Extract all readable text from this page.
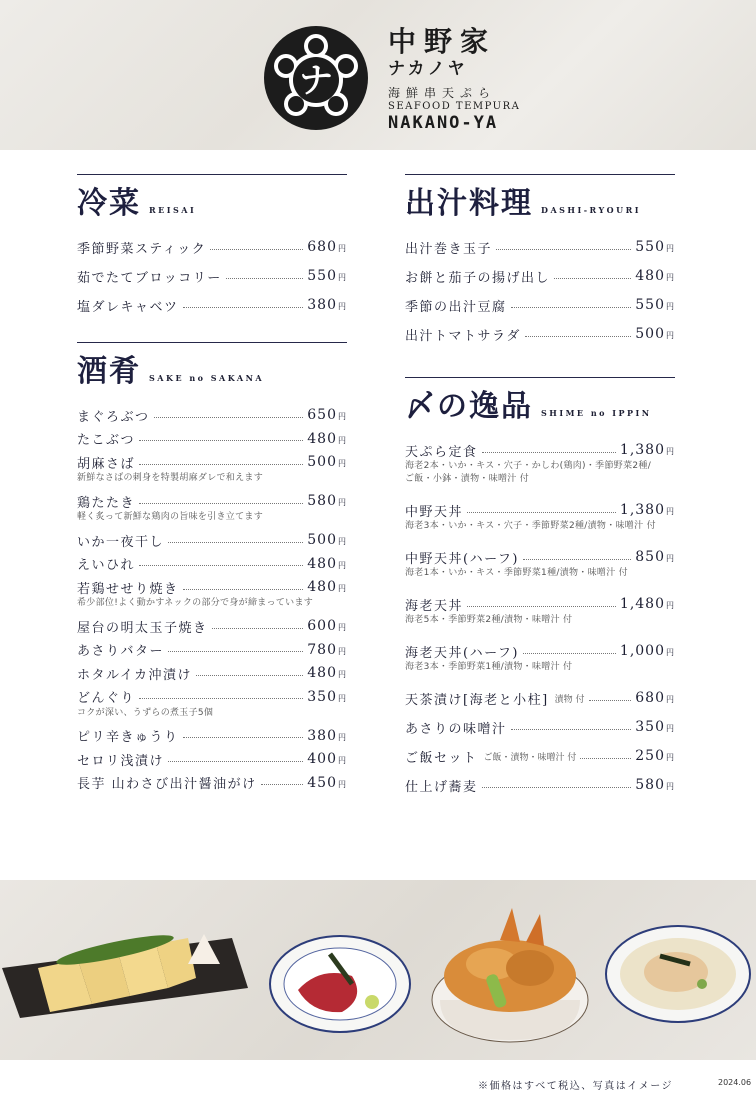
ナ
中野家
ナカノヤ
海鮮串天ぷら
SEAFOOD TEMPURA
NAKANO-YA
冷菜 REISAI
季節野菜スティック	680円
茹でたてブロッコリー	550円
塩ダレキャベツ	380円
酒肴 SAKE no SAKANA
まぐろぶつ	650円
たこぶつ	480円
胡麻さば	500円
新鮮なさばの刺身を特製胡麻ダレで和えます
鶏たたき	580円
軽く炙って新鮮な鶏肉の旨味を引き立てます
いか一夜干し	500円
えいひれ	480円
若鶏せせり焼き	480円
希少部位!よく動かすネックの部分で身が締まっています
屋台の明太玉子焼き	600円
あさりバター	780円
ホタルイカ沖漬け	480円
どんぐり	350円
コクが深い、うずらの煮玉子5個
ピリ辛きゅうり	380円
セロリ浅漬け	400円
長芋 山わさび出汁醤油がけ	450円
出汁料理 DASHI-RYOURI
出汁巻き玉子	550円
お餅と茄子の揚げ出し	480円
季節の出汁豆腐	550円
出汁トマトサラダ	500円
〆の逸品 SHIME no IPPIN
天ぷら定食	1,380円
海老2本・いか・キス・穴子・かしわ(鶏肉)・季節野菜2種/
ご飯・小鉢・漬物・味噌汁 付
中野天丼	1,380円
海老3本・いか・キス・穴子・季節野菜2種/漬物・味噌汁 付
中野天丼(ハーフ)	850円
海老1本・いか・キス・季節野菜1種/漬物・味噌汁 付
海老天丼	1,480円
海老5本・季節野菜2種/漬物・味噌汁 付
海老天丼(ハーフ)	1,000円
海老3本・季節野菜1種/漬物・味噌汁 付
天茶漬け[海老と小柱] 漬物 付	680円
あさりの味噌汁	350円
ご飯セット ご飯・漬物・味噌汁 付	250円
仕上げ蕎麦	580円
※価格はすべて税込、写真はイメージ	2024.06
